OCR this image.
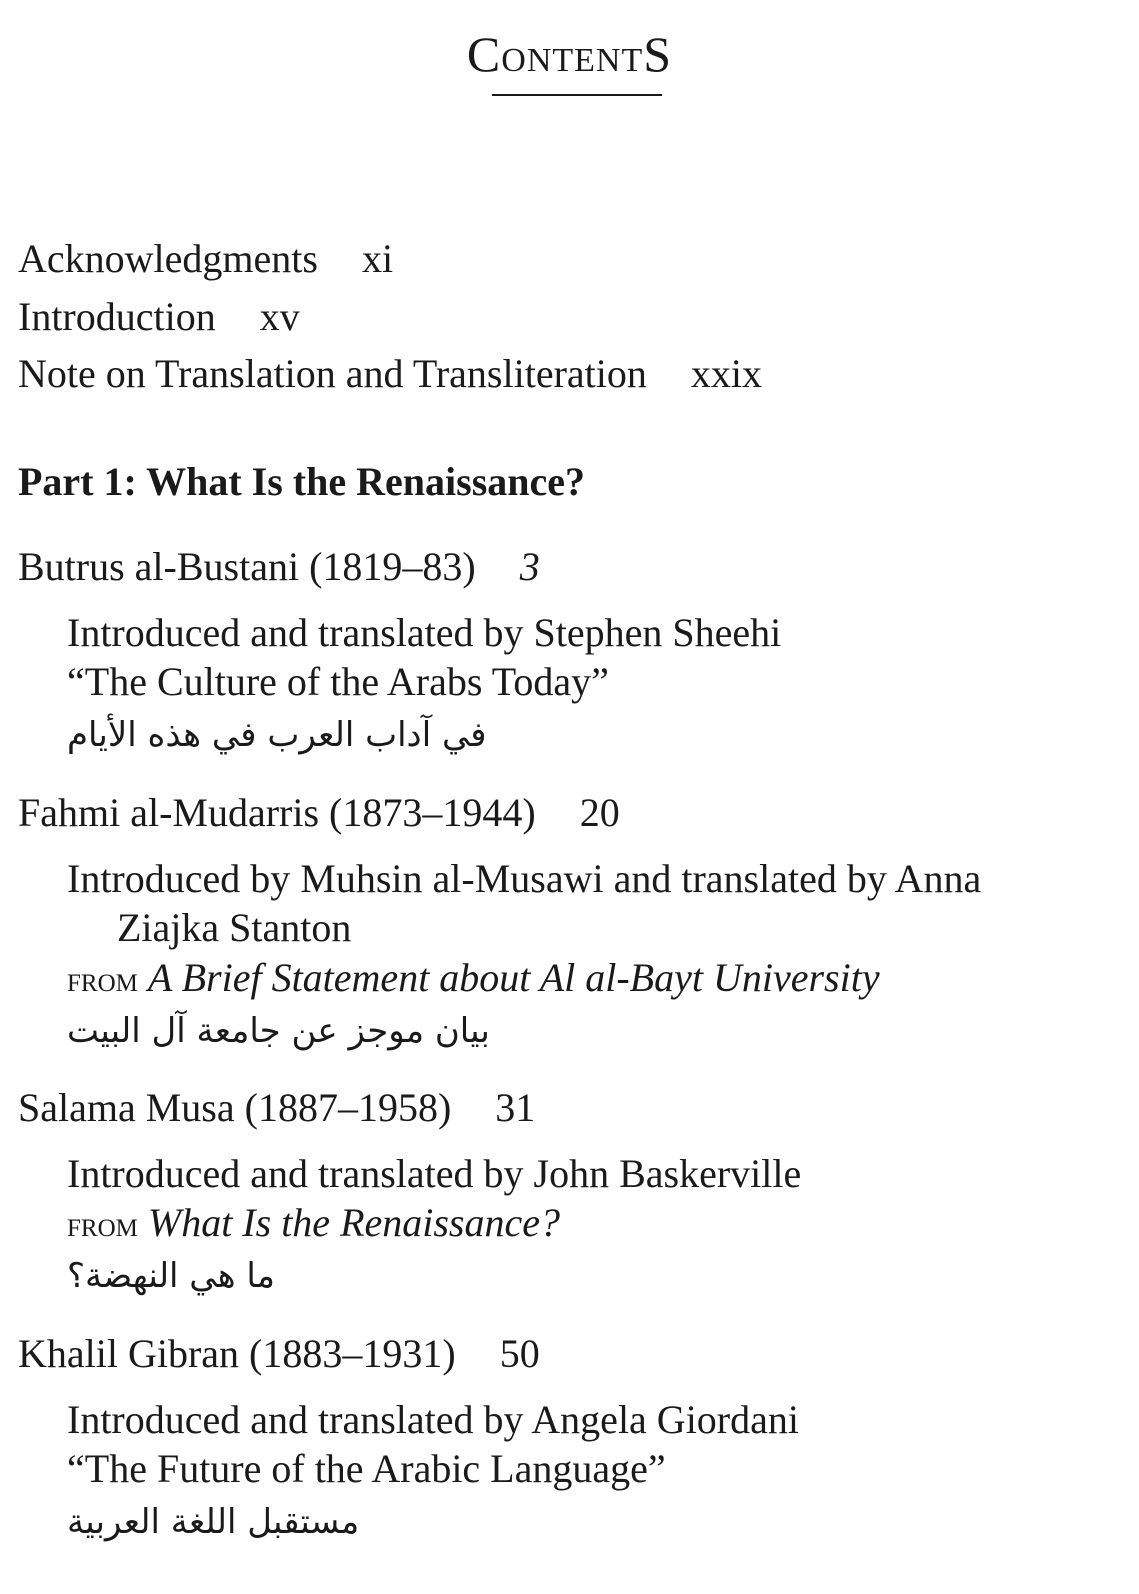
CONTENTS
Acknowledgments xi
Introduction xv
Note on Translation and Transliteration xxix
Part 1: What Is the Renaissance?
Butrus al-Bustani (1819–83) 3
Introduced and translated by Stephen Sheehi
“The Culture of the Arabs Today”
في آداب العرب في هذه الأيام
Fahmi al-Mudarris (1873–1944) 20
Introduced by Muhsin al-Musawi and translated by Anna
Ziajka Stanton
from A Brief Statement about Al al-Bayt University
بيان موجز عن جامعة آل البيت
Salama Musa (1887–1958) 31
Introduced and translated by John Baskerville
from What Is the Renaissance?
ما هي النهضة؟
Khalil Gibran (1883–1931) 50
Introduced and translated by Angela Giordani
“The Future of the Arabic Language”
مستقبل اللغة العربية
